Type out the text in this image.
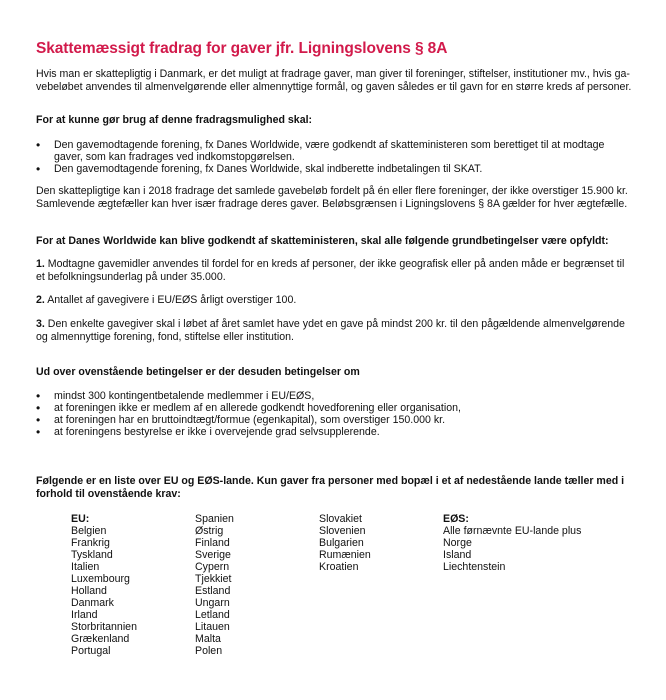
Skattemæssigt fradrag for gaver jfr. Ligningslovens § 8A

Hvis man er skattepligtig i Danmark, er det muligt at fradrage gaver, man giver til foreninger, stiftelser, institutioner mv., hvis ga- vebeløbet anvendes til almenvelgørende eller almennyttige formål, og gaven således er til gavn for en større kreds af personer.

For at kunne gør brug af denne fradragsmulighed skal:

• Den gavemodtagende forening, fx Danes Worldwide, være godkendt af skatteministeren som berettiget til at modtage gaver, som kan fradrages ved indkomstopgørelsen.
• Den gavemodtagende forening, fx Danes Worldwide, skal indberette indbetalingen til SKAT.

Den skattepligtige kan i 2018 fradrage det samlede gavebeløb fordelt på én eller flere foreninger, der ikke overstiger 15.900 kr. Samlevende ægtefæller kan hver især fradrage deres gaver. Beløbsgrænsen i Ligningslovens § 8A gælder for hver ægtefælle.

For at Danes Worldwide kan blive godkendt af skatteministeren, skal alle følgende grundbetingelser være opfyldt:

1. Modtagne gavemidler anvendes til fordel for en kreds af personer, der ikke geografisk eller på anden måde er begrænset til et befolkningsunderlag på under 35.000.

2. Antallet af gavegivere i EU/EØS årligt overstiger 100.

3. Den enkelte gavegiver skal i løbet af året samlet have ydet en gave på mindst 200 kr. til den pågældende almenvelgørende og almennyttige forening, fond, stiftelse eller institution.

Ud over ovenstående betingelser er der desuden betingelser om

• mindst 300 kontingentbetalende medlemmer i EU/EØS,
• at foreningen ikke er medlem af en allerede godkendt hovedforening eller organisation,
• at foreningen har en bruttoindtægt/formue (egenkapital), som overstiger 150.000 kr.
• at foreningens bestyrelse er ikke i overvejende grad selvsupplerende.

Følgende er en liste over EU og EØS-lande. Kun gaver fra personer med bopæl i et af nedestående lande tæller med i forhold til ovenstående krav:

EU:
Belgien
Frankrig
Tyskland
Italien
Luxembourg
Holland
Danmark
Irland
Storbritannien
Grækenland
Portugal
Spanien
Østrig
Finland
Sverige
Cypern
Tjekkiet
Estland
Ungarn
Letland
Litauen
Malta
Polen
Slovakiet
Slovenien
Bulgarien
Rumænien
Kroatien
EØS:
Alle førnævnte EU-lande plus
Norge
Island
Liechtenstein
